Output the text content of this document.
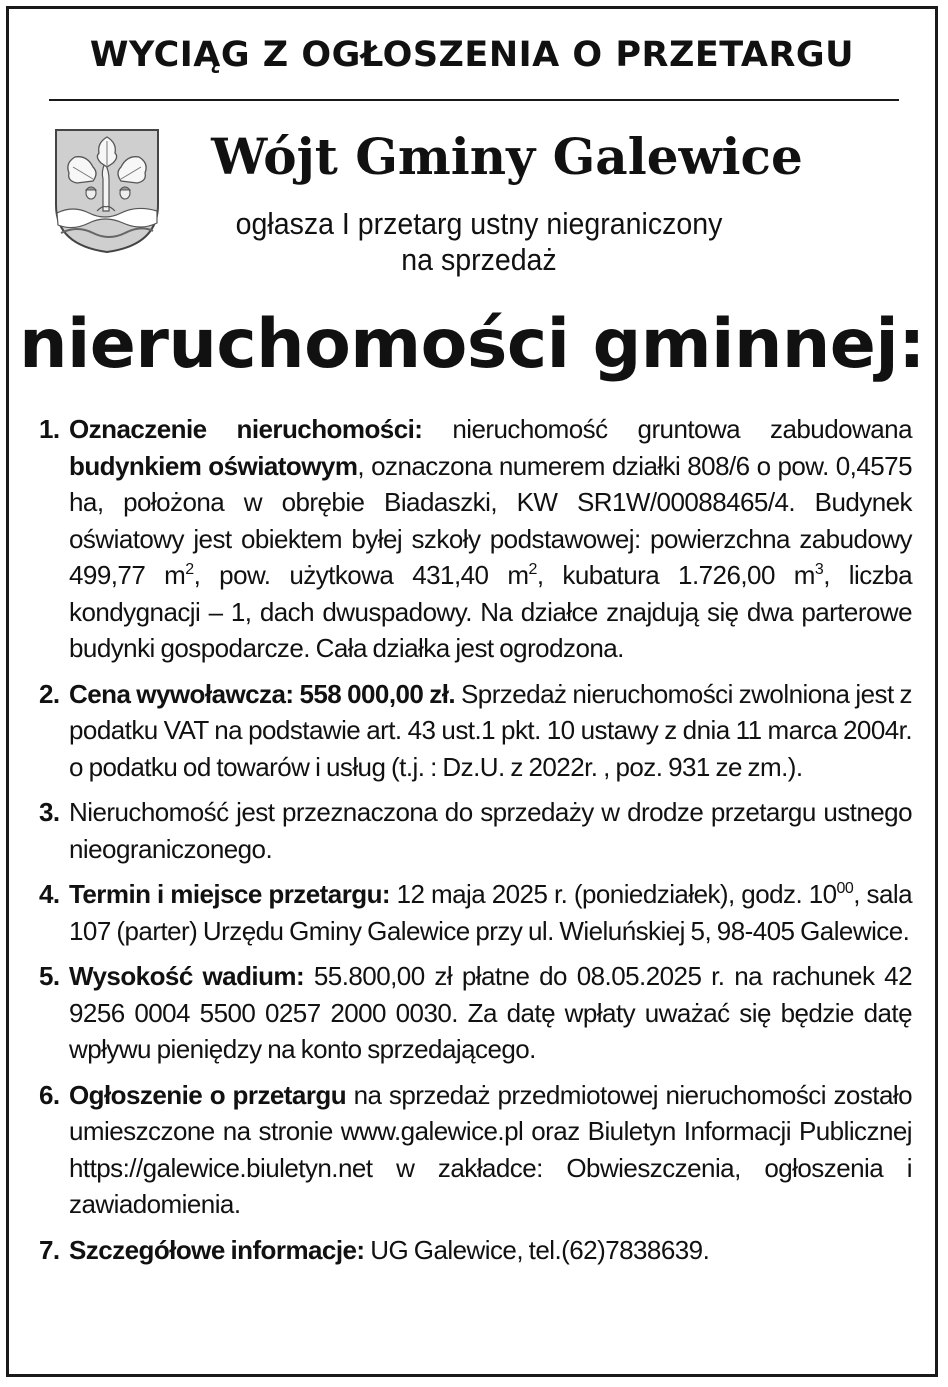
WYCIĄG Z OGŁOSZENIA O PRZETARGU
Wójt Gminy Galewice
ogłasza I przetarg ustny niegraniczony
na sprzedaż
nieruchomości gminnej:
1. Oznaczenie nieruchomości: nieruchomość gruntowa zabudowana budynkiem oświatowym, oznaczona numerem działki 808/6 o pow. 0,4575 ha, położona w obrębie Biadaszki, KW SR1W/00088465/4. Budynek oświatowy jest obiektem byłej szkoły podstawowej: powierzchna zabudowy 499,77 $m^2$, pow. użytkowa 431,40 $m^2$, kubatura 1.726,00 $m^3$, liczba kondygnacji – 1, dach dwuspadowy. Na działce znajdują się dwa parterowe budynki gospodarcze. Cała działka jest ogrodzona.
2. Cena wywoławcza: 558 000,00 zł. Sprzedaż nieruchomości zwolniona jest z podatku VAT na podstawie art. 43 ust.1 pkt. 10 ustawy z dnia 11 marca 2004r. o podatku od towarów i usług (t.j. : Dz.U. z 2022r. , poz. 931 ze zm.).
3. Nieruchomość jest przeznaczona do sprzedaży w drodze przetargu ustnego nieograniczonego.
4. Termin i miejsce przetargu: 12 maja 2025 r. (poniedziałek), godz. $10^{00}$, sala 107 (parter) Urzędu Gminy Galewice przy ul. Wieluńskiej 5, 98-405 Galewice.
5. Wysokość wadium: 55.800,00 zł płatne do 08.05.2025 r. na rachunek 42 9256 0004 5500 0257 2000 0030. Za datę wpłaty uważać się będzie datę wpływu pieniędzy na konto sprzedającego.
6. Ogłoszenie o przetargu na sprzedaż przedmiotowej nieruchomości zostało umieszczone na stronie www.galewice.pl oraz Biuletyn Informacji Publicznej https://galewice.biuletyn.net w zakładce: Obwieszczenia, ogłoszenia i zawiadomienia.
7. Szczegółowe informacje: UG Galewice, tel.(62)7838639.
